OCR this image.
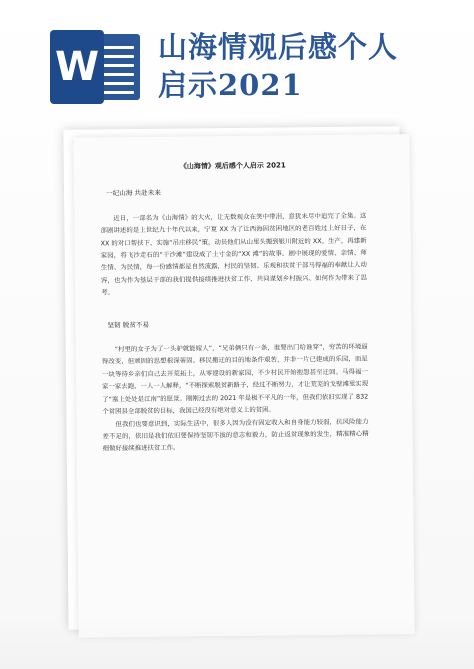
W 山海情观后感个人
启示2021
《山海情》观后感个人启示 2021
一纪山海 共赴未来

近日，一部名为《山海情》的大火，让无数观众在笑中带泪，意犹未尽中追完了全集。这部剧讲述的是上世纪九十年代以来，宁夏 XX 为了让西海固贫困地区的老百姓过上好日子，在 XX 的对口帮扶下，实施“吊庄移民”策，动员他们从山里头搬到银川附近的 XX。生产，再建新家园，将飞沙走石的“干沙滩”建设成了土寸金的“XX 滩”的故事。剧中展现的爱情、亲情、师生情、为民情，每一份感情都是自然流露，村民的坚韧、乐观和扶贫干部马得福的奉献让人动容，也为作为基层干部的我们提供接续推进扶贫工作、共同谋划乡村振兴、如何作为带来了思考。

坚韧 脱贫不易

“村里的女子为了一头驴就能嫁人”，“兄弟俩只有一条，谁要出门给谁穿”，穷苦的环境逼得改变，但顽固的思想根深蒂固。移民搬迁的目的地条件艰苦，并非一片已建成的乐园，而是一块等待乡亲们自己去开荒拓土，从零建设的新家园，不少村民开始抱怨甚至迁回。马得福一家一家去跑，一人一人解释，“不断探索脱贫新路子，经过不断努力，才让荒芜的戈壁滩里实现了“塞上处处是江南”的愿景。刚刚过去的 2021 年是极不平凡的一年，但我们依旧实现了 832 个贫困县全部脱贫的目标，我国已经没有绝对意义上的贫困。

但我们也要意识到，实际生活中，很多人因为没有固定收入和自身能力较弱，抗风险能力差不足的，依旧是我们依旧要保持坚韧不拔的意志和毅力，防止返贫现象的发生，精准精心精细做好接续推进扶贫工作。
